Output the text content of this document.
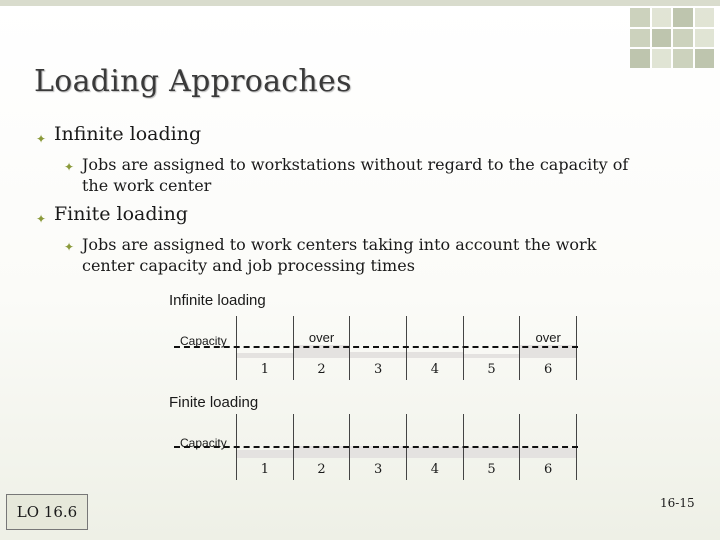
Loading Approaches
✦ Infinite loading
✦ Jobs are assigned to workstations without regard to the capacity of the work center
✦ Finite loading
✦ Jobs are assigned to work centers taking into account the work center capacity and job processing times
Infinite loading
Capacity
1	2
over
3	4	5	6
over
Finite loading
Capacity
1	2	3	4	5	6
LO 16.6	16-15
